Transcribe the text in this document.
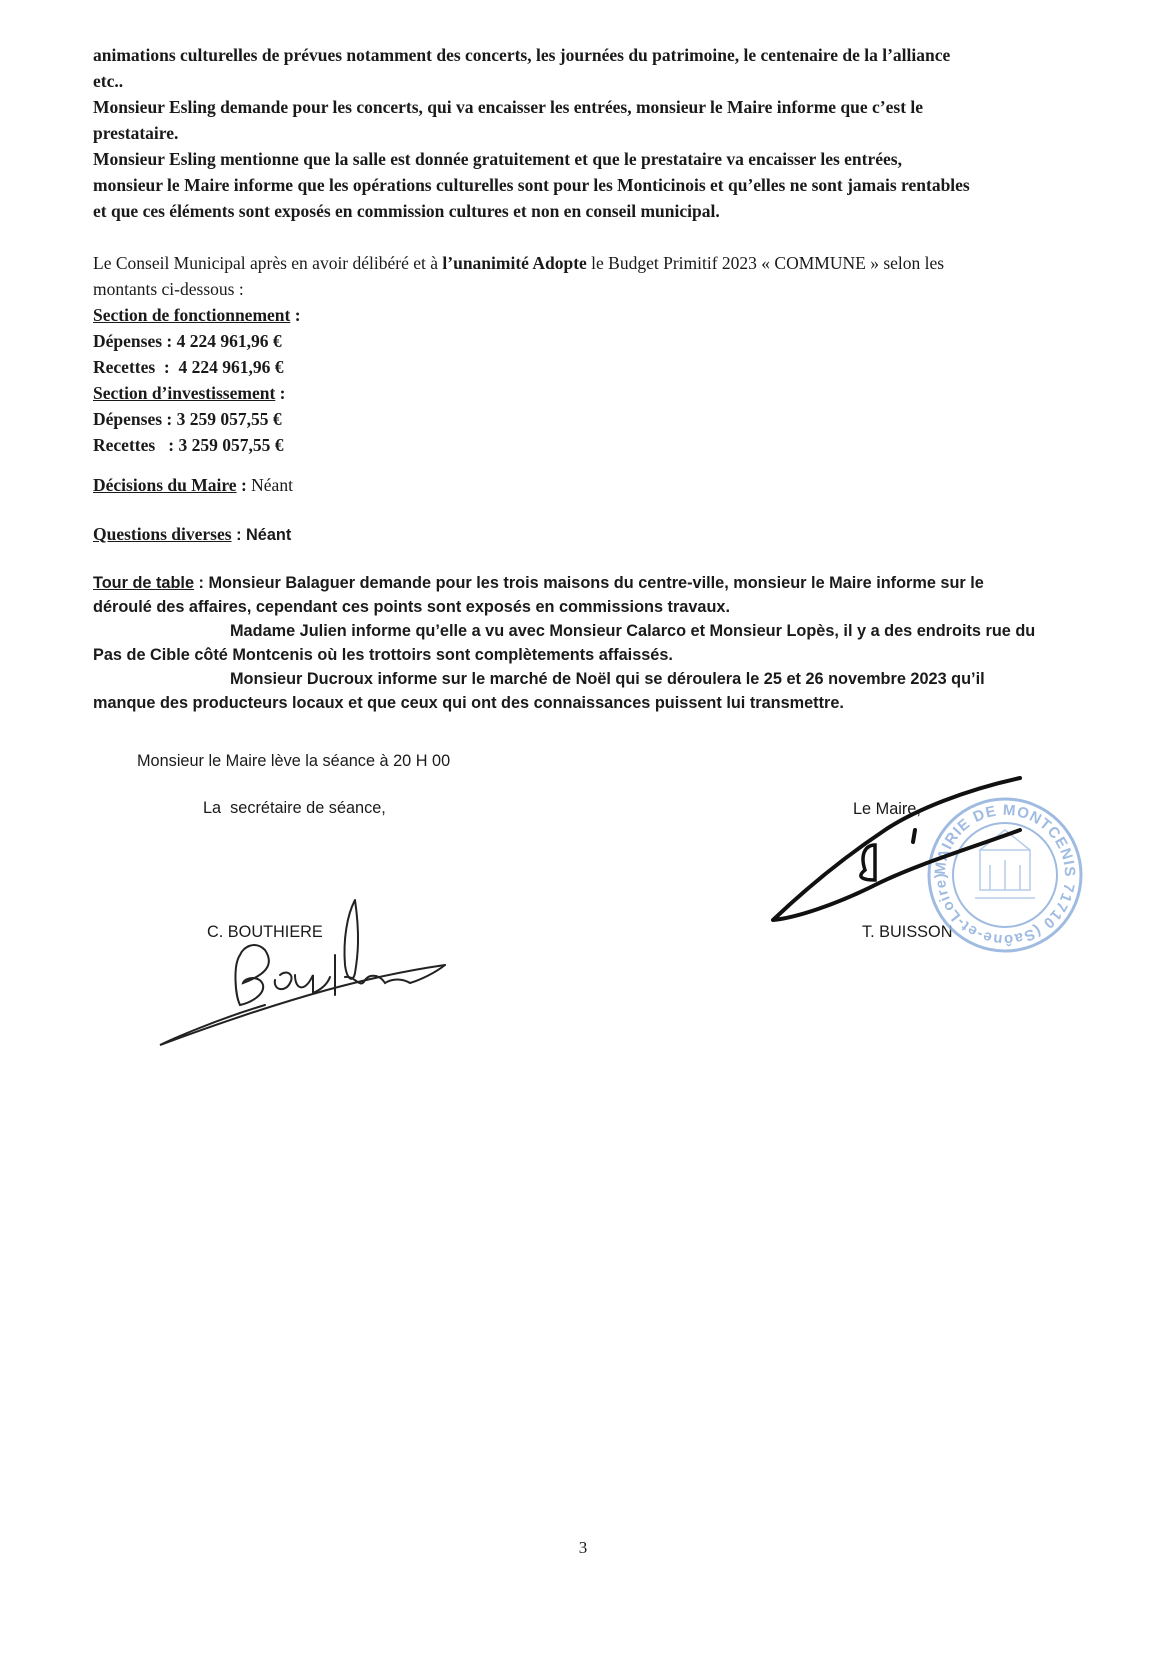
animations culturelles de prévues notamment des concerts, les journées du patrimoine, le centenaire de la l’alliance
etc..

Monsieur Esling demande pour les concerts, qui va encaisser les entrées, monsieur le Maire informe que c’est le
prestataire.

Monsieur Esling mentionne que la salle est donnée gratuitement et que le prestataire va encaisser les entrées,
monsieur le Maire informe que les opérations culturelles sont pour les Monticinois et qu’elles ne sont jamais rentables
et que ces éléments sont exposés en commission cultures et non en conseil municipal.

Le Conseil Municipal après en avoir délibéré et à l’unanimité Adopte le Budget Primitif 2023 « COMMUNE » selon les
montants ci-dessous :

Section de fonctionnement :
Dépenses : 4 224 961,96 €
Recettes  :  4 224 961,96 €
Section d’investissement :
Dépenses : 3 259 057,55 €
Recettes   : 3 259 057,55 €
Décisions du Maire : Néant
Questions diverses : Néant

Tour de table : Monsieur Balaguer demande pour les trois maisons du centre-ville, monsieur le Maire informe sur le
déroulé des affaires, cependant ces points sont exposés en commissions travaux.

Madame Julien informe qu’elle a vu avec Monsieur Calarco et Monsieur Lopès, il y a des endroits rue du
Pas de Cible côté Montcenis où les trottoirs sont complètements affaissés.

Monsieur Ducroux informe sur le marché de Noël qui se déroulera le 25 et 26 novembre 2023 qu’il
manque des producteurs locaux et que ceux qui ont des connaissances puissent lui transmettre.

Monsieur le Maire lève la séance à 20 H 00
La  secrétaire de séance,	Le Maire,
C. BOUTHIERE	T. BUISSON
MAIRIE DE MONTCENIS 71710 (Saône-et-Loire)
3
